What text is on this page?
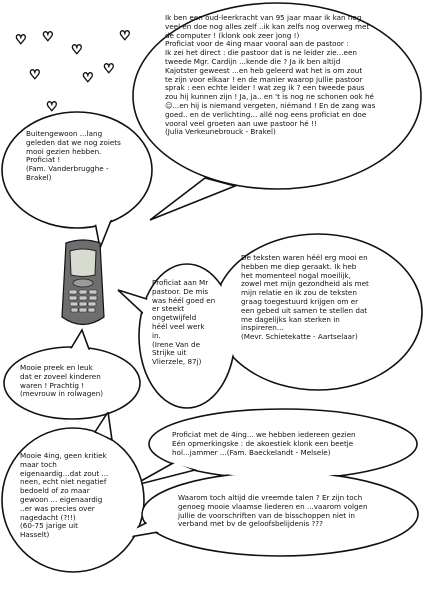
♡ ♡
♡
♡
♡
♡	♡
♡
Ik ben een oud-leerkracht van 95 jaar maar ik kan nog
veel en doe nog alles zelf ..ik kan zelfs nog overweg met
de computer ! (klonk ook zeer jong !)
Proficiat voor de 4ing maar vooral aan de pastoor :
Ik zei het direct : die pastoor dat is ne leider zie...een
tweede Mgr. Cardijn ...kende die ? Ja ik ben altijd
Kajotster geweest ...en heb geleerd wat het is om zout
te zijn voor elkaar ! en de manier waarop jullie pastoor
sprak : een echte leider ! wat zeg ik ? een tweede paus
zou hij kunnen zijn ! Ja, ja.. en 't is nog ne schonen ook hé
☺...en hij is niemand vergeten, niémand ! En de zang was
goed.. en de verlichting... allé nog eens proficiat en doe
vooral veel groeten aan uwe pastoor hé !!
(Julia Verkeunebrouck - Brakel)
Buitengewoon ...lang
geleden dat we nog zoiets
mooi gezien hebben.
Proficiat !
(Fam. Vanderbrugghe -
Brakel)
De teksten waren héél erg mooi en
hebben me diep geraakt. Ik heb
het momenteel nogal moeilijk,
zowel met mijn gezondheid als met
mijn relatie en ik zou de teksten
graag toegestuurd krijgen om er
een gebed uit samen te stellen dat
me dagelijks kan sterken in
inspireren...
(Mevr. Schietekatte - Aartselaar)
Proficiat aan Mr
pastoor. De mis
was héél goed en
er steekt
ongetwijfeld
héél veel werk
in.
(Irene Van de
Strijke uit
Vlierzele, 87j)
Mooie preek en leuk
dat er zoveel kinderen
waren ! Prachtig !
(mevrouw in rolwagen)
Proficiat met de 4ing... we hebben iedereen gezien
Eén opmerkingske : de akoestiek klonk een beetje
hol...jammer ...(Fam. Baeckelandt - Melsele)
Mooie 4ing, geen kritiek
maar toch
eigenaardig...dat zout ...
neen, echt niet negatief
bedoeld of zo maar
gewoon ... eigenaardig
..er was precies over
nagedacht (?!!)
(60-75 jarige uit
Hasselt)
Waarom toch altijd die vreemde talen ? Er zijn toch
genoeg mooie vlaamse liederen en ...vaarom volgen
jullie de voorschriften van de bisschoppen niet in
verband met bv de geloofsbelijdenis ???
